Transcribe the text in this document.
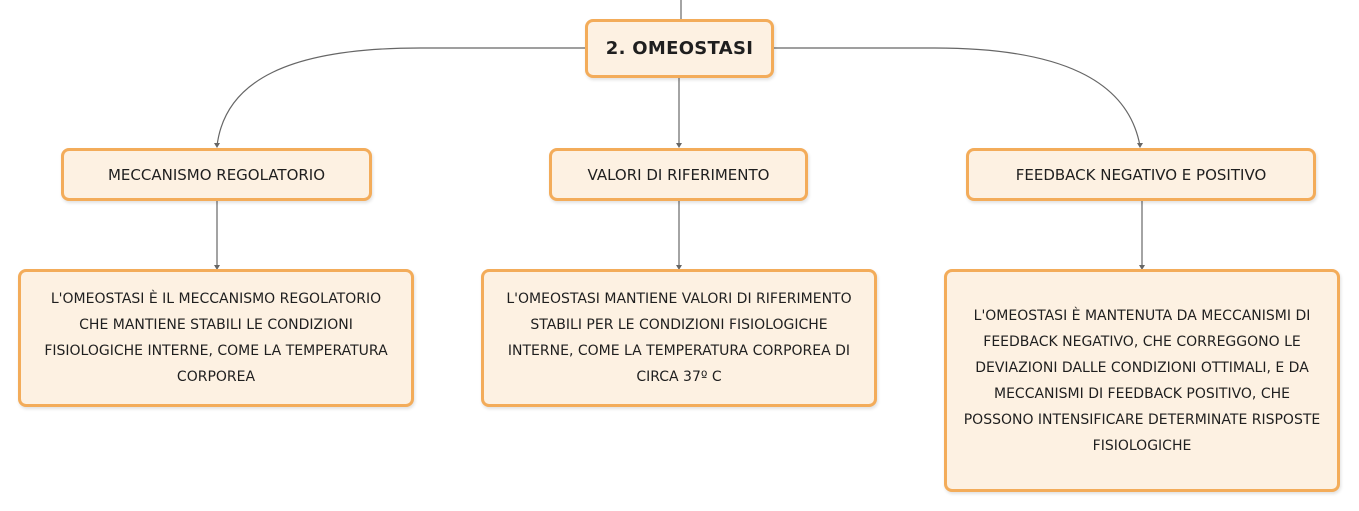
2. OMEOSTASI
MECCANISMO REGOLATORIO	VALORI DI RIFERIMENTO	FEEDBACK NEGATIVO E POSITIVO
L'OMEOSTASI È IL MECCANISMO REGOLATORIO CHE MANTIENE STABILI LE CONDIZIONI FISIOLOGICHE INTERNE, COME LA TEMPERATURA CORPOREA
L'OMEOSTASI MANTIENE VALORI DI RIFERIMENTO STABILI PER LE CONDIZIONI FISIOLOGICHE INTERNE, COME LA TEMPERATURA CORPOREA DI CIRCA 37º C
L'OMEOSTASI È MANTENUTA DA MECCANISMI DI FEEDBACK NEGATIVO, CHE CORREGGONO LE DEVIAZIONI DALLE CONDIZIONI OTTIMALI, E DA MECCANISMI DI FEEDBACK POSITIVO, CHE POSSONO INTENSIFICARE DETERMINATE RISPOSTE FISIOLOGICHE
